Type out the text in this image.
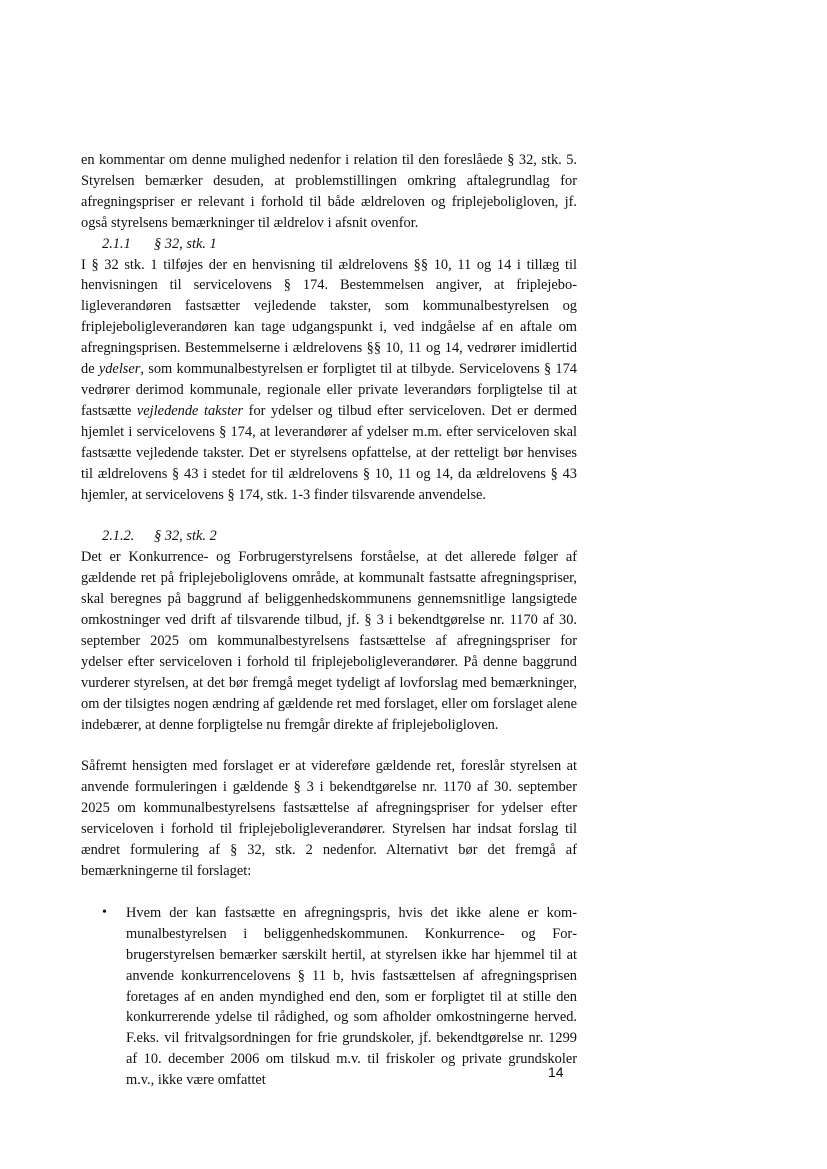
en kommentar om denne mulighed nedenfor i relation til den foreslåede § 32, stk. 5. Styrelsen bemærker desuden, at problemstillingen omkring aftalegrundlag for afregningspriser er relevant i forhold til både ældreloven og friplejeboligloven, jf. også styrelsens bemærkninger til ældrelov i afsnit ovenfor.

2.1.1 § 32, stk. 1

I § 32 stk. 1 tilføjes der en henvisning til ældrelovens §§ 10, 11 og 14 i tillæg til henvisningen til servicelovens § 174. Bestemmelsen angiver, at friplejeboligleverandøren fastsætter vejledende takster, som kommunalbestyrelsen og friplejeboligleverandøren kan tage udgangspunkt i, ved indgåelse af en aftale om afregningsprisen. Bestemmelserne i ældrelovens §§ 10, 11 og 14, vedrører imidlertid de ydelser, som kommunalbestyrelsen er forpligtet til at tilbyde. Servicelovens § 174 vedrører derimod kommunale, regionale eller private leverandørs forpligtelse til at fastsætte vejledende takster for ydelser og tilbud efter serviceloven. Det er dermed hjemlet i servicelovens § 174, at leverandører af ydelser m.m. efter serviceloven skal fastsætte vejledende takster. Det er styrelsens opfattelse, at der retteligt bør henvises til ældrelovens § 43 i stedet for til ældrelovens § 10, 11 og 14, da ældrelovens § 43 hjemler, at servicelovens § 174, stk. 1-3 finder tilsvarende anvendelse.

2.1.2. § 32, stk. 2

Det er Konkurrence- og Forbrugerstyrelsens forståelse, at det allerede følger af gældende ret på friplejeboliglovens område, at kommunalt fastsatte afregningspriser, skal beregnes på baggrund af beliggenhedskommunens gennemsnitlige langsigtede omkostninger ved drift af tilsvarende tilbud, jf. § 3 i bekendtgørelse nr. 1170 af 30. september 2025 om kommunalbestyrelsens fastsættelse af afregningspriser for ydelser efter serviceloven i forhold til friplejeboligleverandører. På denne baggrund vurderer styrelsen, at det bør fremgå meget tydeligt af lovforslag med bemærkninger, om der tilsigtes nogen ændring af gældende ret med forslaget, eller om forslaget alene indebærer, at denne forpligtelse nu fremgår direkte af friplejeboligloven.

Såfremt hensigten med forslaget er at videreføre gældende ret, foreslår styrelsen at anvende formuleringen i gældende § 3 i bekendtgørelse nr. 1170 af 30. september 2025 om kommunalbestyrelsens fastsættelse af afregningspriser for ydelser efter serviceloven i forhold til friplejeboligleverandører. Styrelsen har indsat forslag til ændret formulering af § 32, stk. 2 nedenfor. Alternativt bør det fremgå af bemærkningerne til forslaget:

• Hvem der kan fastsætte en afregningspris, hvis det ikke alene er kommunalbestyrelsen i beliggenhedskommunen. Konkurrence- og Forbrugerstyrelsen bemærker særskilt hertil, at styrelsen ikke har hjemmel til at anvende konkurrencelovens § 11 b, hvis fastsættelsen af afregningsprisen foretages af en anden myndighed end den, som er forpligtet til at stille den konkurrerende ydelse til rådighed, og som afholder omkostningerne herved. F.eks. vil fritvalgsordningen for frie grundskoler, jf. bekendtgørelse nr. 1299 af 10. december 2006 om tilskud m.v. til friskoler og private grundskoler m.v., ikke være omfattet
14
